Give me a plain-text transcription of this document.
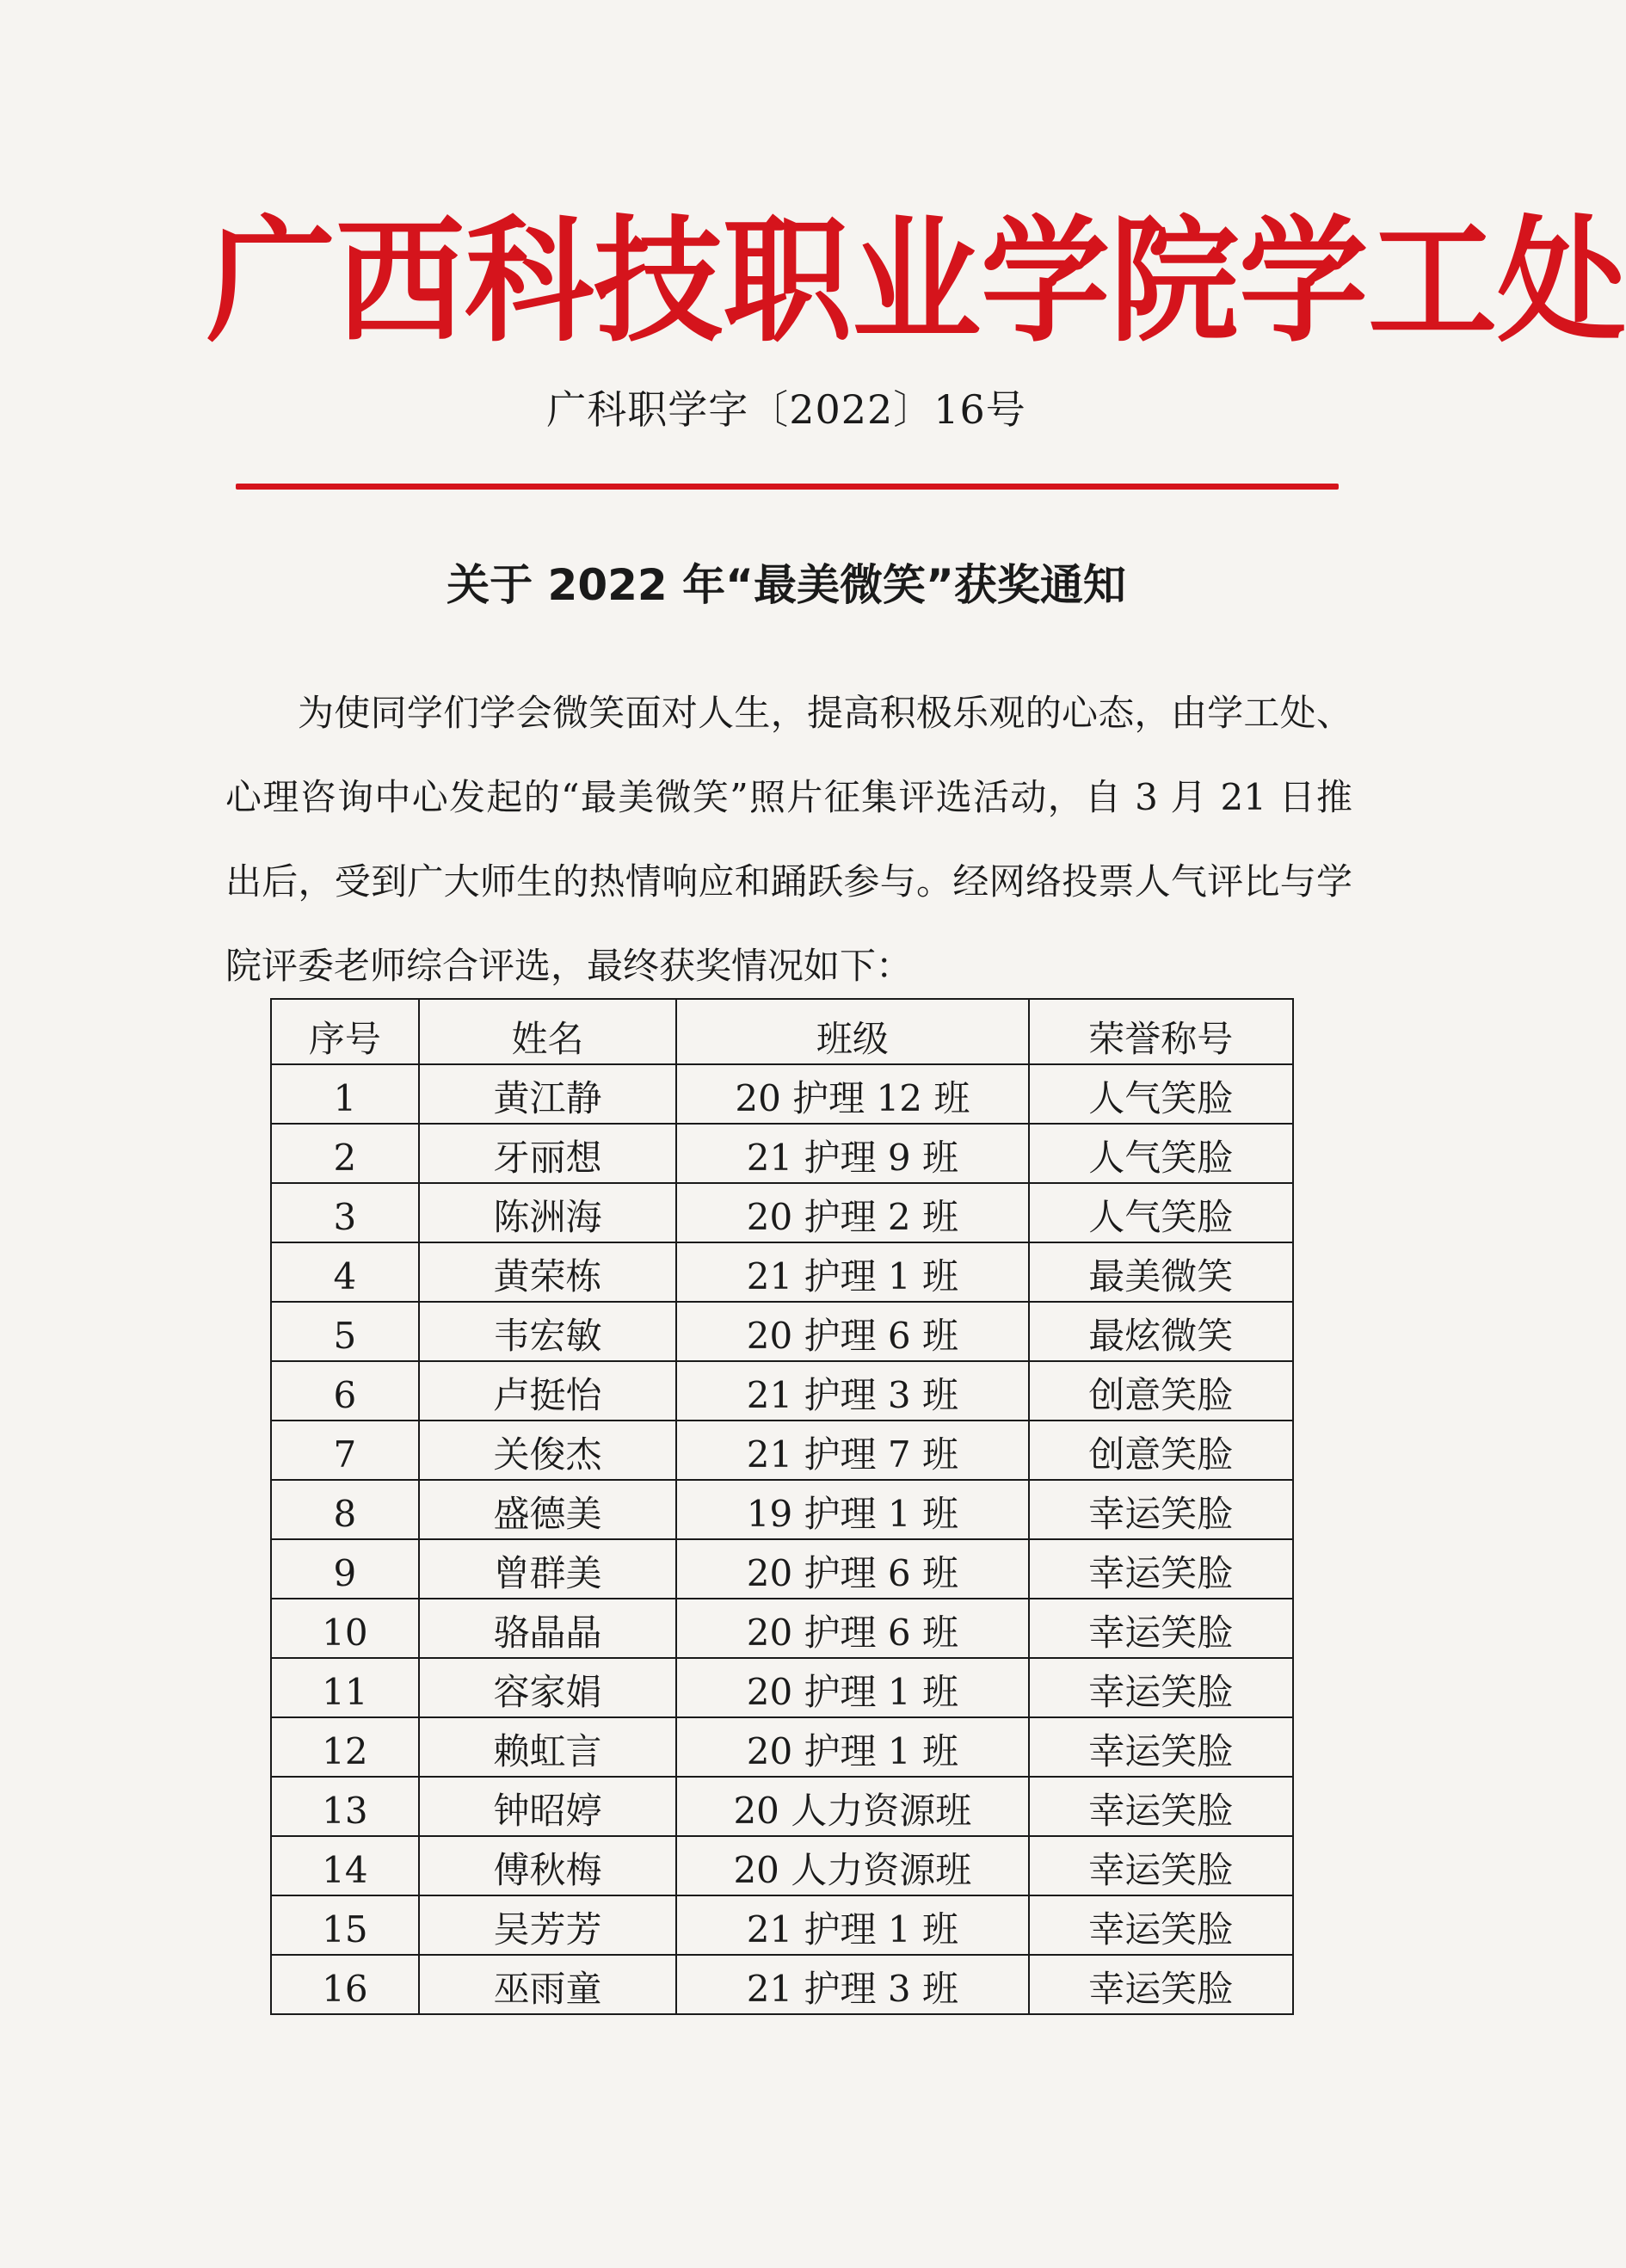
广 西 科 技 职 业 学 院 学 工 处
广科职学字〔2022〕16号
关于 2022 年“最美微笑”获奖通知

为使同学们学会微笑面对人生，提高积极乐观的心态，由学工处、心理咨询中心发起的“最美微笑”照片征集评选活动，自 3 月 21 日推出后，受到广大师生的热情响应和踊跃参与。经网络投票人气评比与学院评委老师综合评选，最终获奖情况如下：

序号	姓名	班级	荣誉称号
1	黄江静	20 护理 12 班	人气笑脸
2	牙丽想	21 护理 9 班	人气笑脸
3	陈洲海	20 护理 2 班	人气笑脸
4	黄荣栋	21 护理 1 班	最美微笑
5	韦宏敏	20 护理 6 班	最炫微笑
6	卢挺怡	21 护理 3 班	创意笑脸
7	关俊杰	21 护理 7 班	创意笑脸
8	盛德美	19 护理 1 班	幸运笑脸
9	曾群美	20 护理 6 班	幸运笑脸
10	骆晶晶	20 护理 6 班	幸运笑脸
11	容家娟	20 护理 1 班	幸运笑脸
12	赖虹言	20 护理 1 班	幸运笑脸
13	钟昭婷	20 人力资源班	幸运笑脸
14	傅秋梅	20 人力资源班	幸运笑脸
15	吴芳芳	21 护理 1 班	幸运笑脸
16	巫雨童	21 护理 3 班	幸运笑脸
